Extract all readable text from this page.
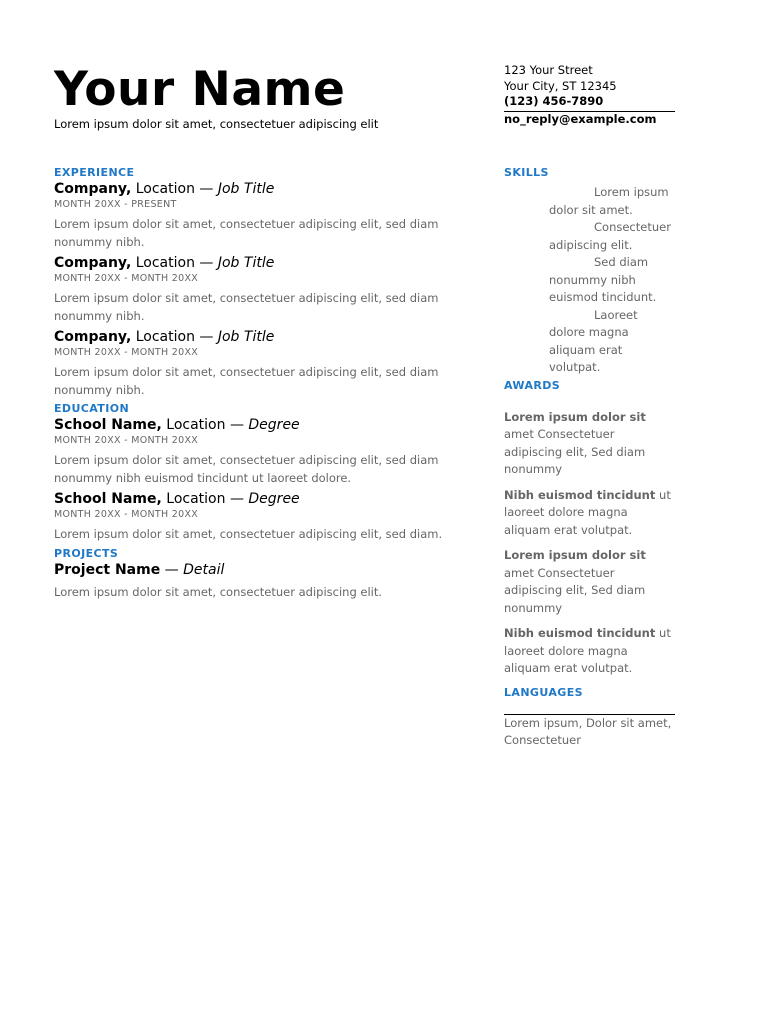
Your Name
Lorem ipsum dolor sit amet, consectetuer adipiscing elit
123 Your Street
Your City, ST 12345
(123) 456-7890
no_reply@example.com
EXPERIENCE
Company, Location — Job Title
MONTH 20XX - PRESENT
Lorem ipsum dolor sit amet, consectetuer adipiscing elit, sed diam nonummy nibh.
Company, Location — Job Title
MONTH 20XX - MONTH 20XX
Lorem ipsum dolor sit amet, consectetuer adipiscing elit, sed diam nonummy nibh.
Company, Location — Job Title
MONTH 20XX - MONTH 20XX
Lorem ipsum dolor sit amet, consectetuer adipiscing elit, sed diam nonummy nibh.
EDUCATION
School Name, Location — Degree
MONTH 20XX - MONTH 20XX
Lorem ipsum dolor sit amet, consectetuer adipiscing elit, sed diam nonummy nibh euismod tincidunt ut laoreet dolore.
School Name, Location — Degree
MONTH 20XX - MONTH 20XX
Lorem ipsum dolor sit amet, consectetuer adipiscing elit, sed diam.
PROJECTS
Project Name — Detail
Lorem ipsum dolor sit amet, consectetuer adipiscing elit.
SKILLS
Lorem ipsum dolor sit amet.
Consectetuer adipiscing elit.
Sed diam nonummy nibh euismod tincidunt.
Laoreet dolore magna aliquam erat volutpat.
AWARDS
Lorem ipsum dolor sit amet Consectetuer adipiscing elit, Sed diam nonummy
Nibh euismod tincidunt ut laoreet dolore magna aliquam erat volutpat.
Lorem ipsum dolor sit amet Consectetuer adipiscing elit, Sed diam nonummy
Nibh euismod tincidunt ut laoreet dolore magna aliquam erat volutpat.
LANGUAGES
Lorem ipsum, Dolor sit amet, Consectetuer
